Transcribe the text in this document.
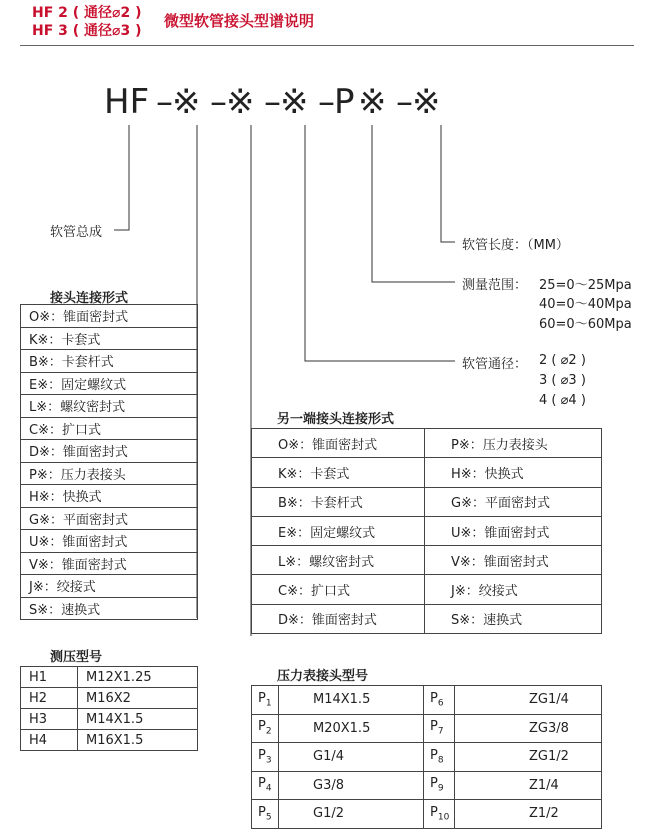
HF 2 ( 通径⌀2 )
HF 3 ( 通径⌀3 )
微型软管接头型谱说明
HF –※ –※ –※ –P ※ –※
软管总成
软管长度：（MM）
测量范围： 25=0～25Mpa
40=0～40Mpa
60=0～60Mpa
软管通径： 2 ( ⌀2 )
3 ( ⌀3 )
4 ( ⌀4 )
接头连接形式
O※：锥面密封式
K※：卡套式
B※：卡套杆式
E※：固定螺纹式
L※：螺纹密封式
C※：扩口式
D※：锥面密封式
P※：压力表接头
H※：快换式
G※：平面密封式
U※：锥面密封式
V※：锥面密封式
J※：绞接式
S※：速换式
测压型号
H1	M12X1.25
H2	M16X2
H3	M14X1.5
H4	M16X1.5
另一端接头连接形式
O※：锥面密封式	P※：压力表接头
K※：卡套式	H※：快换式
B※：卡套杆式	G※：平面密封式
E※：固定螺纹式	U※：锥面密封式
L※：螺纹密封式	V※：锥面密封式
C※：扩口式	J※：绞接式
D※：锥面密封式	S※：速换式
压力表接头型号
$P_1$	M14X1.5	$P_6$	ZG1/4
$P_2$	M20X1.5	$P_7$	ZG3/8
$P_3$	G1/4	$P_8$	ZG1/2
$P_4$	G3/8	$P_9$	Z1/4
$P_5$	G1/2	$P_{10}$	Z1/2
